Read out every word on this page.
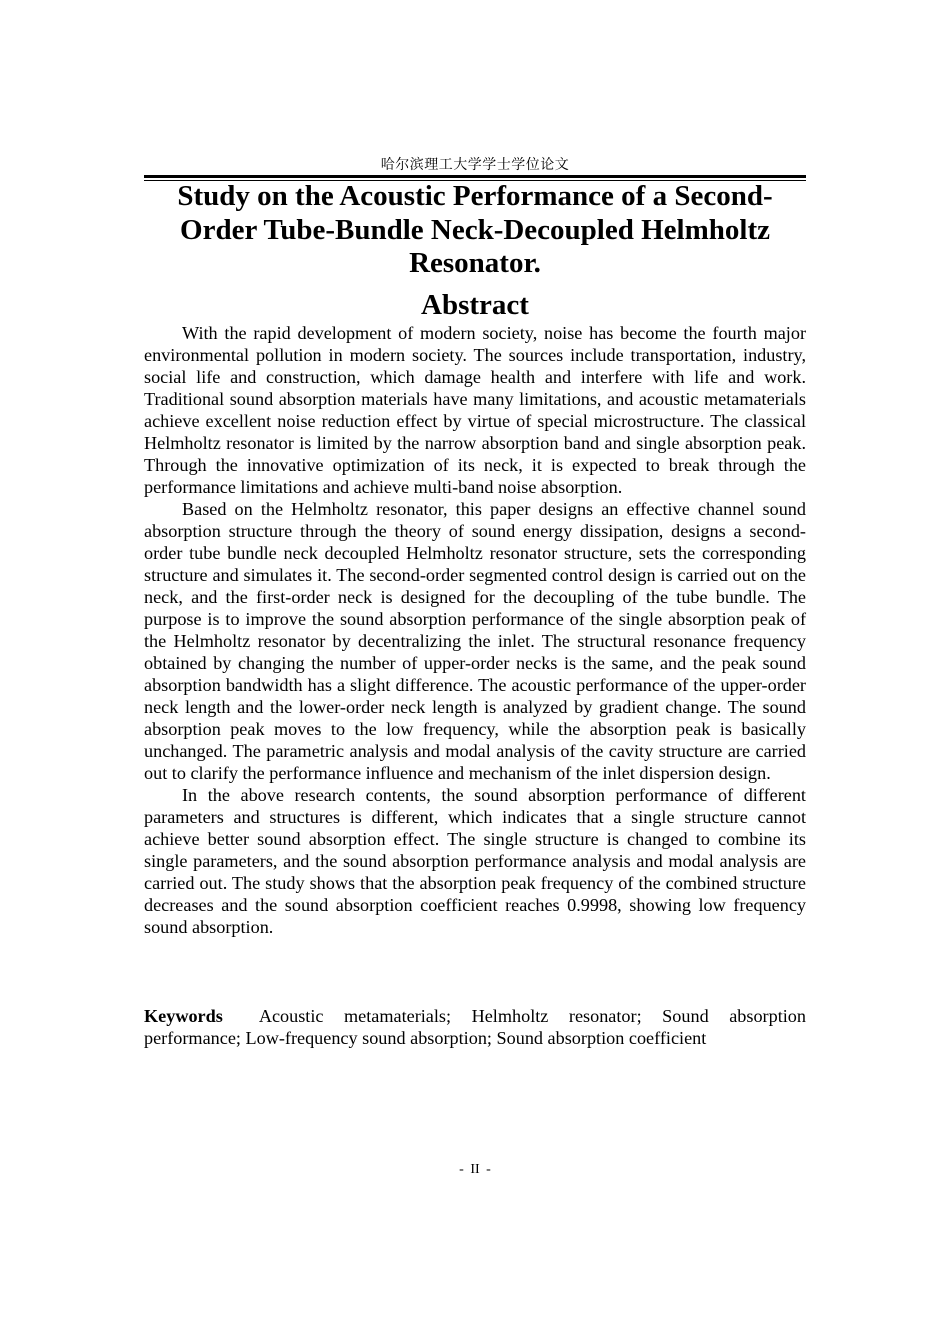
哈尔滨理工大学学士学位论文
Study on the Acoustic Performance of a Second-Order Tube-Bundle Neck-Decoupled Helmholtz Resonator.
Abstract

With the rapid development of modern society, noise has become the fourth major environmental pollution in modern society. The sources include transportation, industry, social life and construction, which damage health and interfere with life and work. Traditional sound absorption materials have many limitations, and acoustic metamaterials achieve excellent noise reduction effect by virtue of special microstructure. The classical Helmholtz resonator is limited by the narrow absorption band and single absorption peak. Through the innovative optimization of its neck, it is expected to break through the performance limitations and achieve multi-band noise absorption.

Based on the Helmholtz resonator, this paper designs an effective channel sound absorption structure through the theory of sound energy dissipation, designs a second-order tube bundle neck decoupled Helmholtz resonator structure, sets the corresponding structure and simulates it. The second-order segmented control design is carried out on the neck, and the first-order neck is designed for the decoupling of the tube bundle. The purpose is to improve the sound absorption performance of the single absorption peak of the Helmholtz resonator by decentralizing the inlet. The structural resonance frequency obtained by changing the number of upper-order necks is the same, and the peak sound absorption bandwidth has a slight difference. The acoustic performance of the upper-order neck length and the lower-order neck length is analyzed by gradient change. The sound absorption peak moves to the low frequency, while the absorption peak is basically unchanged. The parametric analysis and modal analysis of the cavity structure are carried out to clarify the performance influence and mechanism of the inlet dispersion design.

In the above research contents, the sound absorption performance of different parameters and structures is different, which indicates that a single structure cannot achieve better sound absorption effect. The single structure is changed to combine its single parameters, and the sound absorption performance analysis and modal analysis are carried out. The study shows that the absorption peak frequency of the combined structure decreases and the sound absorption coefficient reaches 0.9998, showing low frequency sound absorption.

Keywords Acoustic metamaterials; Helmholtz resonator; Sound absorption performance; Low-frequency sound absorption; Sound absorption coefficient

- II -
